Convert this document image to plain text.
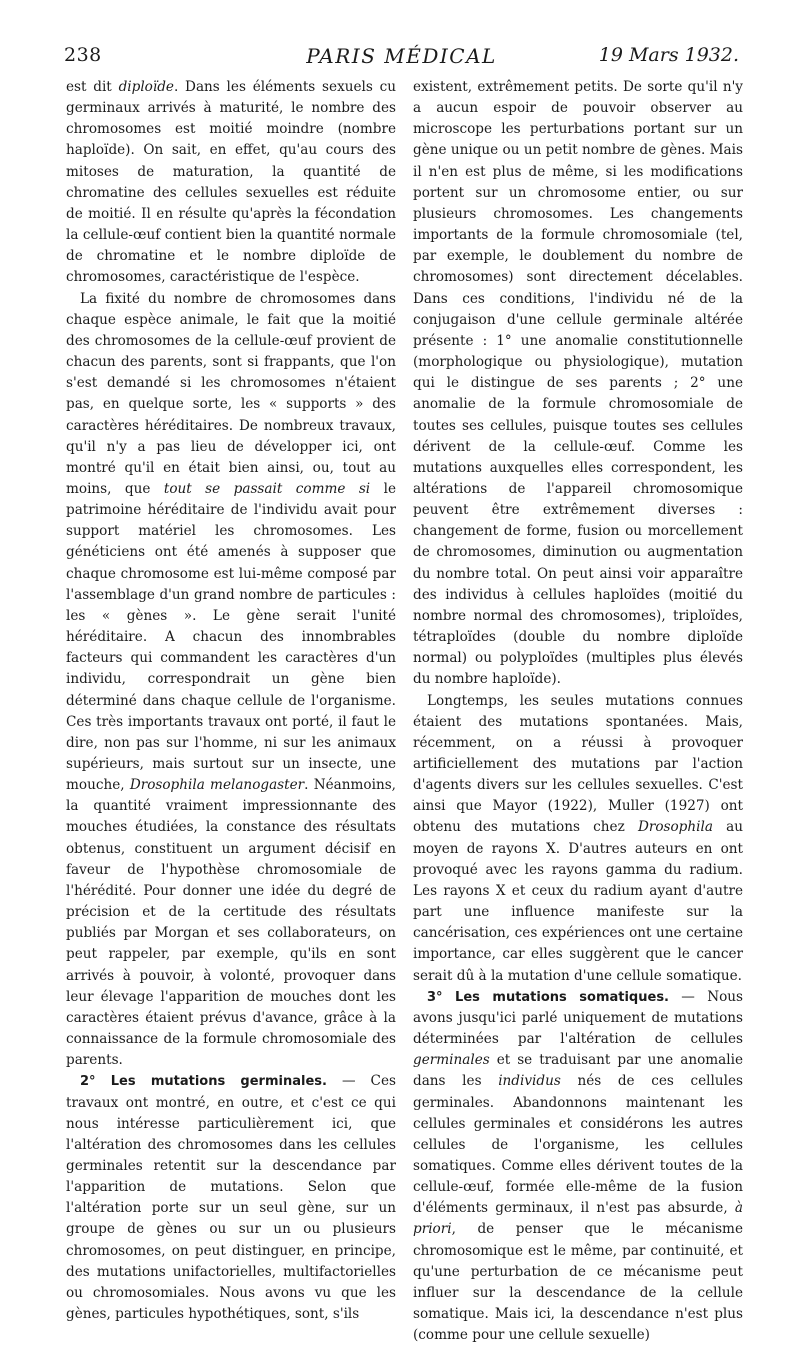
238	PARIS MÉDICAL	19 Mars 1932.

est dit diploïde. Dans les éléments sexuels cu germinaux arrivés à maturité, le nombre des chromosomes est moitié moindre (nombre haploïde). On sait, en effet, qu'au cours des mitoses de maturation, la quantité de chromatine des cellules sexuelles est réduite de moitié. Il en résulte qu'après la fécondation la cellule-œuf contient bien la quantité normale de chromatine et le nombre diploïde de chromosomes, caractéristique de l'espèce.

La fixité du nombre de chromosomes dans chaque espèce animale, le fait que la moitié des chromosomes de la cellule-œuf provient de chacun des parents, sont si frappants, que l'on s'est demandé si les chromosomes n'étaient pas, en quelque sorte, les « supports » des caractères héréditaires. De nombreux travaux, qu'il n'y a pas lieu de développer ici, ont montré qu'il en était bien ainsi, ou, tout au moins, que tout se passait comme si le patrimoine héréditaire de l'individu avait pour support matériel les chromosomes. Les généticiens ont été amenés à supposer que chaque chromosome est lui-même composé par l'assemblage d'un grand nombre de particules : les « gènes ». Le gène serait l'unité héréditaire. A chacun des innombrables facteurs qui commandent les caractères d'un individu, correspondrait un gène bien déterminé dans chaque cellule de l'organisme. Ces très importants travaux ont porté, il faut le dire, non pas sur l'homme, ni sur les animaux supérieurs, mais surtout sur un insecte, une mouche, Drosophila melanogaster. Néanmoins, la quantité vraiment impressionnante des mouches étudiées, la constance des résultats obtenus, constituent un argument décisif en faveur de l'hypothèse chromosomiale de l'hérédité. Pour donner une idée du degré de précision et de la certitude des résultats publiés par Morgan et ses collaborateurs, on peut rappeler, par exemple, qu'ils en sont arrivés à pouvoir, à volonté, provoquer dans leur élevage l'apparition de mouches dont les caractères étaient prévus d'avance, grâce à la connaissance de la formule chromosomiale des parents.

2° Les mutations germinales. — Ces travaux ont montré, en outre, et c'est ce qui nous intéresse particulièrement ici, que l'altération des chromosomes dans les cellules germinales retentit sur la descendance par l'apparition de mutations. Selon que l'altération porte sur un seul gène, sur un groupe de gènes ou sur un ou plusieurs chromosomes, on peut distinguer, en principe, des mutations unifactorielles, multifactorielles ou chromosomiales. Nous avons vu que les gènes, particules hypothétiques, sont, s'ils

existent, extrêmement petits. De sorte qu'il n'y a aucun espoir de pouvoir observer au microscope les perturbations portant sur un gène unique ou un petit nombre de gènes. Mais il n'en est plus de même, si les modifications portent sur un chromosome entier, ou sur plusieurs chromosomes. Les changements importants de la formule chromosomiale (tel, par exemple, le doublement du nombre de chromosomes) sont directement décelables. Dans ces conditions, l'individu né de la conjugaison d'une cellule germinale altérée présente : 1° une anomalie constitutionnelle (morphologique ou physiologique), mutation qui le distingue de ses parents ; 2° une anomalie de la formule chromosomiale de toutes ses cellules, puisque toutes ses cellules dérivent de la cellule-œuf. Comme les mutations auxquelles elles correspondent, les altérations de l'appareil chromosomique peuvent être extrêmement diverses : changement de forme, fusion ou morcellement de chromosomes, diminution ou augmentation du nombre total. On peut ainsi voir apparaître des individus à cellules haploïdes (moitié du nombre normal des chromosomes), triploïdes, tétraploïdes (double du nombre diploïde normal) ou polyploïdes (multiples plus élevés du nombre haploïde).

Longtemps, les seules mutations connues étaient des mutations spontanées. Mais, récemment, on a réussi à provoquer artificiellement des mutations par l'action d'agents divers sur les cellules sexuelles. C'est ainsi que Mayor (1922), Muller (1927) ont obtenu des mutations chez Drosophila au moyen de rayons X. D'autres auteurs en ont provoqué avec les rayons gamma du radium. Les rayons X et ceux du radium ayant d'autre part une influence manifeste sur la cancérisation, ces expériences ont une certaine importance, car elles suggèrent que le cancer serait dû à la mutation d'une cellule somatique.

3° Les mutations somatiques. — Nous avons jusqu'ici parlé uniquement de mutations déterminées par l'altération de cellules germinales et se traduisant par une anomalie dans les individus nés de ces cellules germinales. Abandonnons maintenant les cellules germinales et considérons les autres cellules de l'organisme, les cellules somatiques. Comme elles dérivent toutes de la cellule-œuf, formée elle-même de la fusion d'éléments germinaux, il n'est pas absurde, à priori, de penser que le mécanisme chromosomique est le même, par continuité, et qu'une perturbation de ce mécanisme peut influer sur la descendance de la cellule somatique. Mais ici, la descendance n'est plus (comme pour une cellule sexuelle)
